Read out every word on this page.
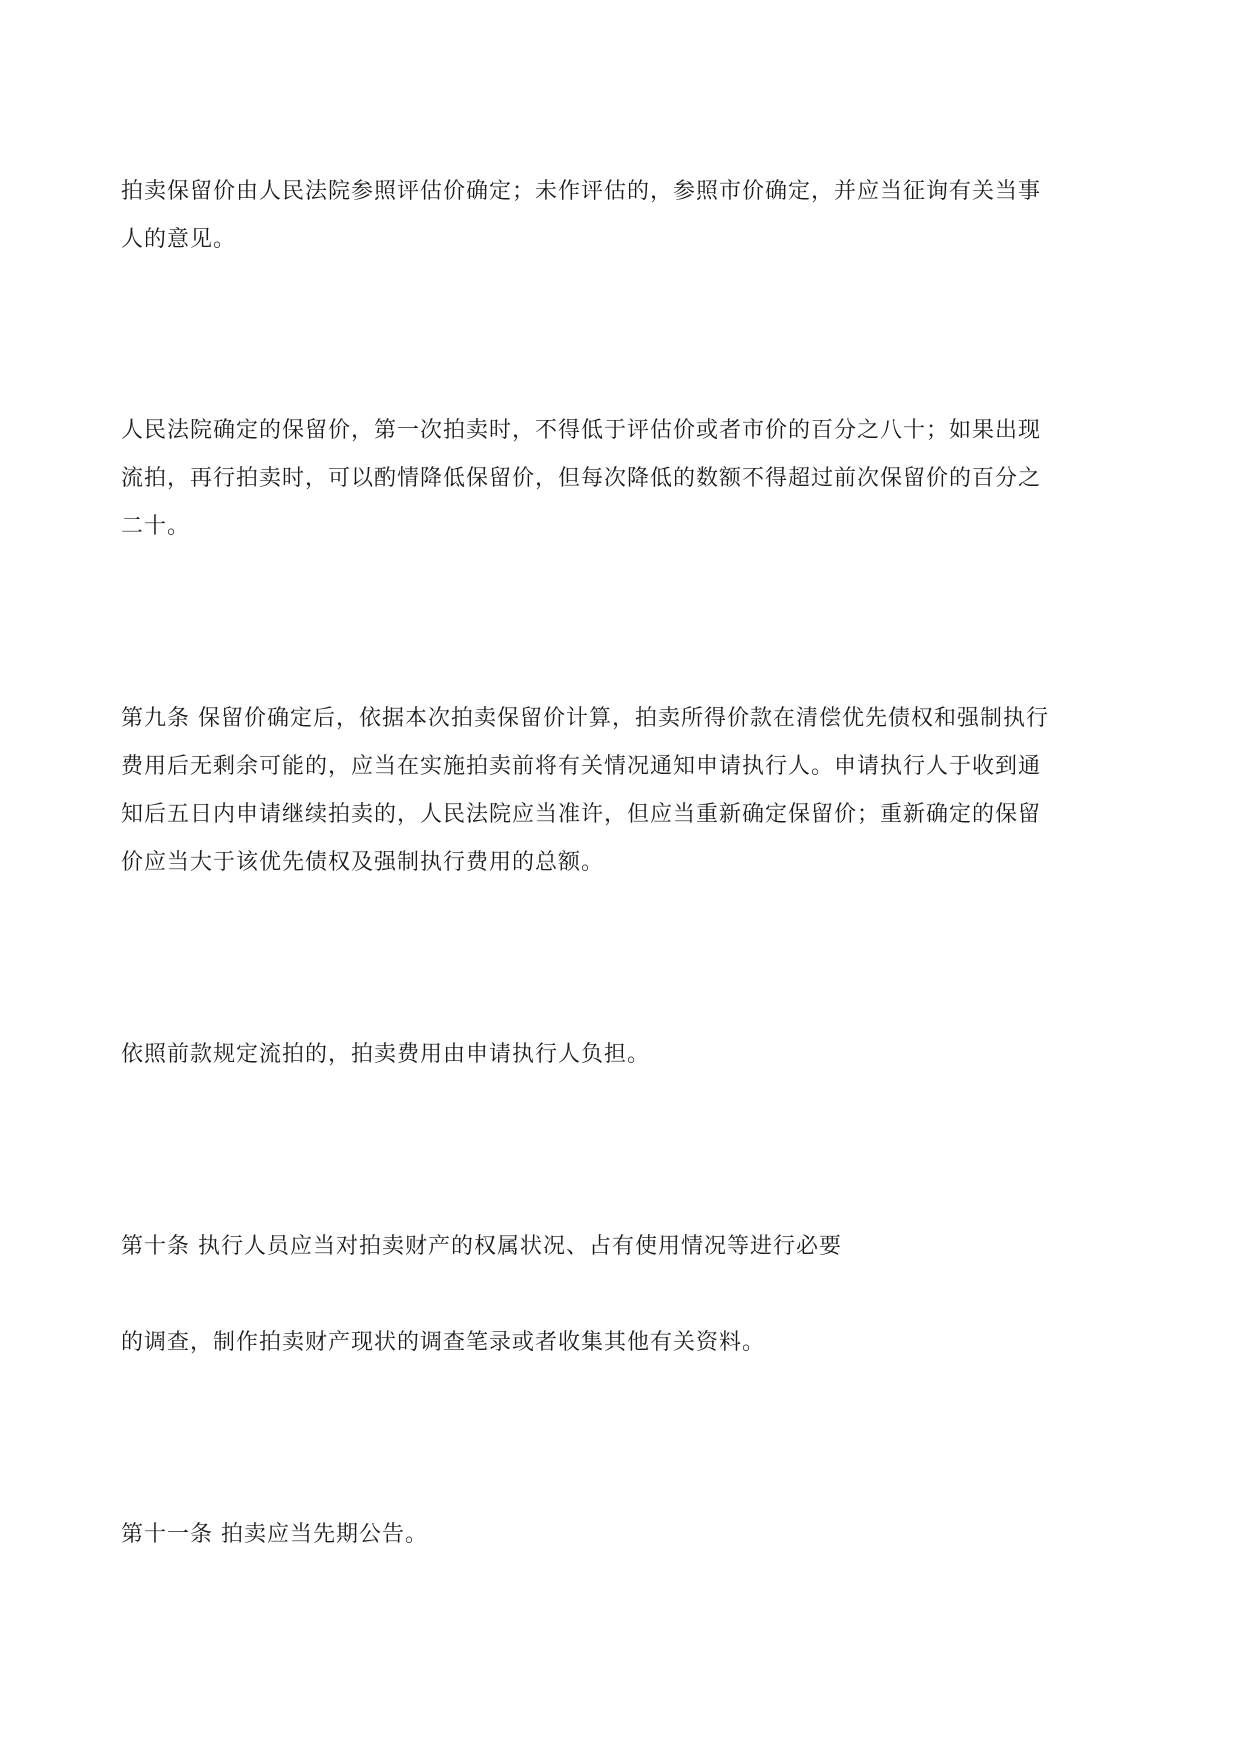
拍卖保留价由人民法院参照评估价确定；未作评估的，参照市价确定，并应当征询有关当事
人的意见。

人民法院确定的保留价，第一次拍卖时，不得低于评估价或者市价的百分之八十；如果出现
流拍，再行拍卖时，可以酌情降低保留价，但每次降低的数额不得超过前次保留价的百分之
二十。

第九条 保留价确定后，依据本次拍卖保留价计算，拍卖所得价款在清偿优先债权和强制执行
费用后无剩余可能的，应当在实施拍卖前将有关情况通知申请执行人。申请执行人于收到通
知后五日内申请继续拍卖的，人民法院应当准许，但应当重新确定保留价；重新确定的保留
价应当大于该优先债权及强制执行费用的总额。

依照前款规定流拍的，拍卖费用由申请执行人负担。

第十条 执行人员应当对拍卖财产的权属状况、占有使用情况等进行必要

的调查，制作拍卖财产现状的调查笔录或者收集其他有关资料。

第十一条 拍卖应当先期公告。
